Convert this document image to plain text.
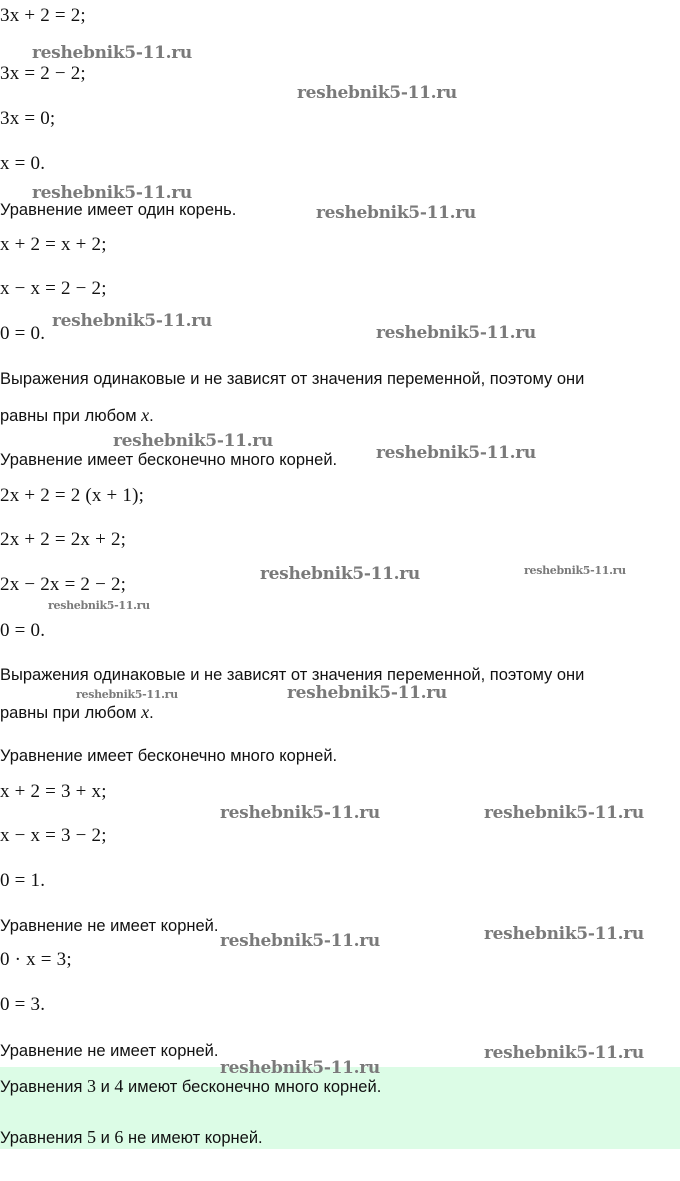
3x + 2 = 2;
3x = 2 − 2;
3x = 0;
x = 0.
Уравнение имеет один корень.
x + 2 = x + 2;
x − x = 2 − 2;
0 = 0.
Выражения одинаковые и не зависят от значения переменной, поэтому они
равны при любом x.
Уравнение имеет бесконечно много корней.
2x + 2 = 2 (x + 1);
2x + 2 = 2x + 2;
2x − 2x = 2 − 2;
0 = 0.
Выражения одинаковые и не зависят от значения переменной, поэтому они
равны при любом x.
Уравнение имеет бесконечно много корней.
x + 2 = 3 + x;
x − x = 3 − 2;
0 = 1.
Уравнение не имеет корней.
0 · x = 3;
0 = 3.
Уравнение не имеет корней.
Уравнения 3 и 4 имеют бесконечно много корней.
Уравнения 5 и 6 не имеют корней.
reshebnik5-11.ru
reshebnik5-11.ru
reshebnik5-11.ru
reshebnik5-11.ru
reshebnik5-11.ru
reshebnik5-11.ru
reshebnik5-11.ru
reshebnik5-11.ru
reshebnik5-11.ru	reshebnik5-11.ru
reshebnik5-11.ru
reshebnik5-11.ru	reshebnik5-11.ru
reshebnik5-11.ru	reshebnik5-11.ru
reshebnik5-11.ru	reshebnik5-11.ru
reshebnik5-11.ru
reshebnik5-11.ru
